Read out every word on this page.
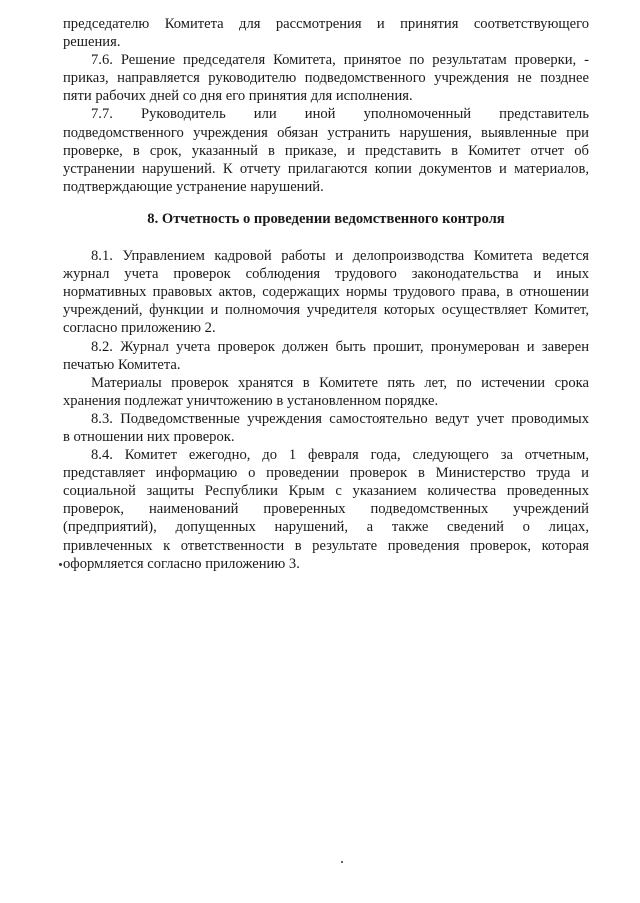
председателю Комитета для рассмотрения и принятия соответствующего
решения.
7.6. Решение председателя Комитета, принятое по результатам проверки, -
приказ, направляется руководителю подведомственного учреждения не позднее
пяти рабочих дней со дня его принятия для исполнения.
7.7. Руководитель или иной уполномоченный представитель
подведомственного учреждения обязан устранить нарушения, выявленные при
проверке, в срок, указанный в приказе, и представить в Комитет отчет об
устранении нарушений. К отчету прилагаются копии документов и материалов,
подтверждающие устранение нарушений.
8. Отчетность о проведении ведомственного контроля
8.1. Управлением кадровой работы и делопроизводства Комитета ведется
журнал учета проверок соблюдения трудового законодательства и иных
нормативных правовых актов, содержащих нормы трудового права, в отношении
учреждений, функции и полномочия учредителя которых осуществляет Комитет,
согласно приложению 2.
8.2. Журнал учета проверок должен быть прошит, пронумерован и заверен
печатью Комитета.
Материалы проверок хранятся в Комитете пять лет, по истечении срока
хранения подлежат уничтожению в установленном порядке.
8.3. Подведомственные учреждения самостоятельно ведут учет проводимых
в отношении них проверок.
8.4. Комитет ежегодно, до 1 февраля года, следующего за отчетным,
представляет информацию о проведении проверок в Министерство труда и
социальной защиты Республики Крым с указанием количества проведенных
проверок, наименований проверенных подведомственных учреждений
(предприятий), допущенных нарушений, а также сведений о лицах,
привлеченных к ответственности в результате проведения проверок, которая
оформляется согласно приложению 3.
